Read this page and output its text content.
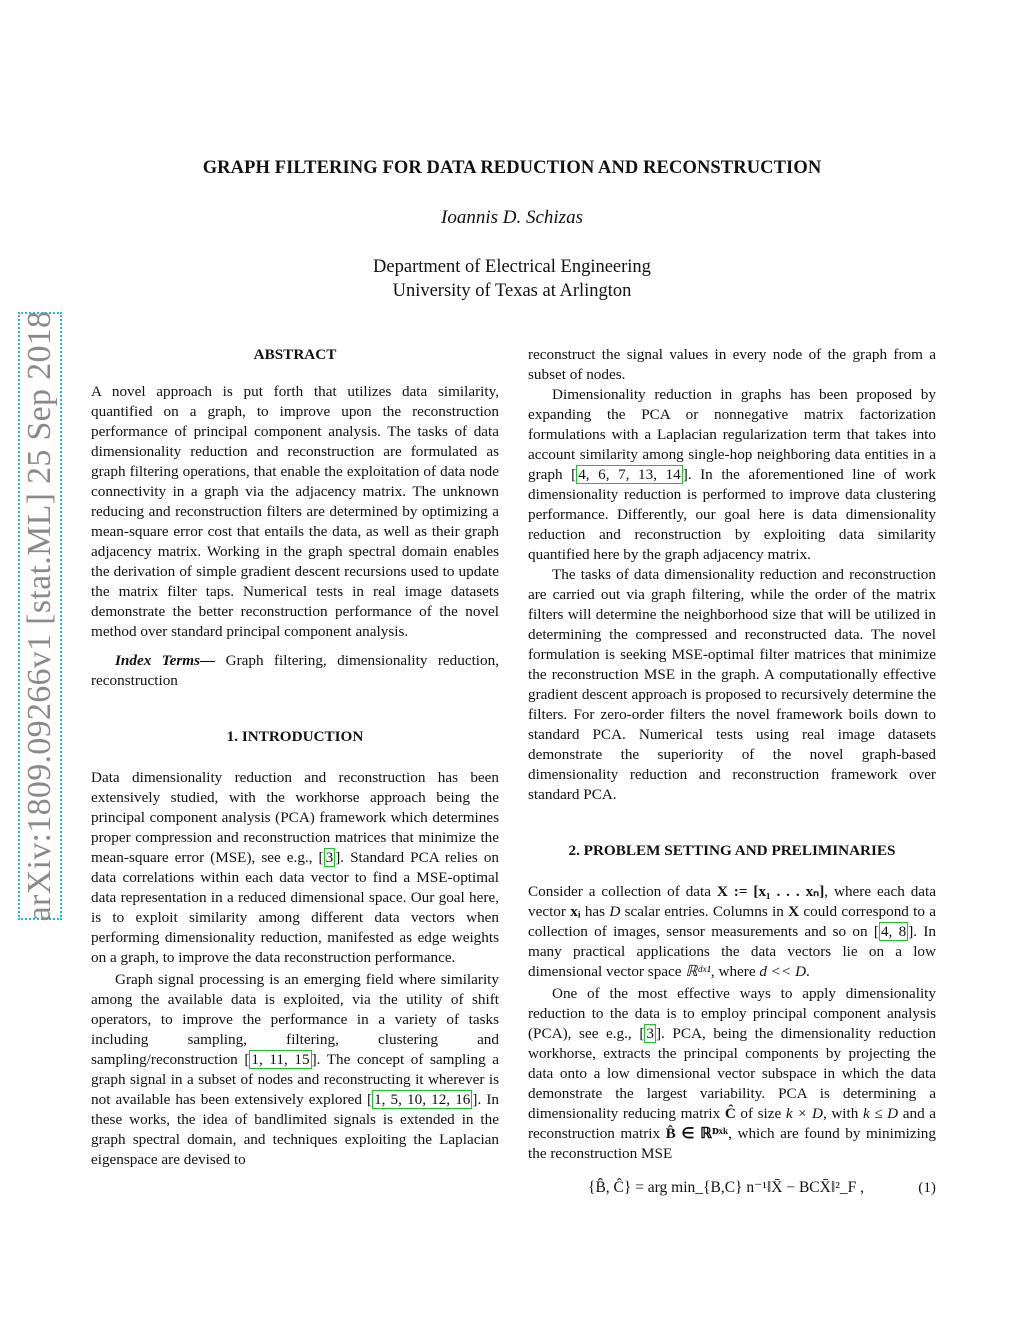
GRAPH FILTERING FOR DATA REDUCTION AND RECONSTRUCTION
Ioannis D. Schizas
Department of Electrical Engineering
University of Texas at Arlington
arXiv:1809.09266v1 [stat.ML] 25 Sep 2018	ABSTRACT

A novel approach is put forth that utilizes data similarity, quantified on a graph, to improve upon the reconstruction performance of principal component analysis. The tasks of data dimensionality reduction and reconstruction are formulated as graph filtering operations, that enable the exploitation of data node connectivity in a graph via the adjacency matrix. The unknown reducing and reconstruction filters are determined by optimizing a mean-square error cost that entails the data, as well as their graph adjacency matrix. Working in the graph spectral domain enables the derivation of simple gradient descent recursions used to update the matrix filter taps. Numerical tests in real image datasets demonstrate the better reconstruction performance of the novel method over standard principal component analysis.

Index Terms— Graph filtering, dimensionality reduction, reconstruction

1. INTRODUCTION

Data dimensionality reduction and reconstruction has been extensively studied, with the workhorse approach being the principal component analysis (PCA) framework which determines proper compression and reconstruction matrices that minimize the mean-square error (MSE), see e.g., [ 3 ]. Standard PCA relies on data correlations within each data vector to find a MSE-optimal data representation in a reduced dimensional space. Our goal here, is to exploit similarity among different data vectors when performing dimensionality reduction, manifested as edge weights on a graph, to improve the data reconstruction performance.

Graph signal processing is an emerging field where similarity among the available data is exploited, via the utility of shift operators, to improve the performance in a variety of tasks including sampling, filtering, clustering and sampling/reconstruction [ 1, 11, 15 ]. The concept of sampling a graph signal in a subset of nodes and reconstructing it wherever is not available has been extensively explored [ 1, 5, 10, 12, 16 ]. In these works, the idea of bandlimited signals is extended in the graph spectral domain, and techniques exploiting the Laplacian eigenspace are devised to

reconstruct the signal values in every node of the graph from a subset of nodes.

Dimensionality reduction in graphs has been proposed by expanding the PCA or nonnegative matrix factorization formulations with a Laplacian regularization term that takes into account similarity among single-hop neighboring data entities in a graph [ 4, 6, 7, 13, 14 ]. In the aforementioned line of work dimensionality reduction is performed to improve data clustering performance. Differently, our goal here is data dimensionality reduction and reconstruction by exploiting data similarity quantified here by the graph adjacency matrix.

The tasks of data dimensionality reduction and reconstruction are carried out via graph filtering, while the order of the matrix filters will determine the neighborhood size that will be utilized in determining the compressed and reconstructed data. The novel formulation is seeking MSE-optimal filter matrices that minimize the reconstruction MSE in the graph. A computationally effective gradient descent approach is proposed to recursively determine the filters. For zero-order filters the novel framework boils down to standard PCA. Numerical tests using real image datasets demonstrate the superiority of the novel graph-based dimensionality reduction and reconstruction framework over standard PCA.

2. PROBLEM SETTING AND PRELIMINARIES

Consider a collection of data X := [x₁ . . . xₙ], where each data vector xᵢ has D scalar entries. Columns in X could correspond to a collection of images, sensor measurements and so on [ 4, 8 ]. In many practical applications the data vectors lie on a low dimensional vector space ℝᵈˣ¹, where d << D.

One of the most effective ways to apply dimensionality reduction to the data is to employ principal component analysis (PCA), see e.g., [ 3 ]. PCA, being the dimensionality reduction workhorse, extracts the principal components by projecting the data onto a low dimensional vector subspace in which the data demonstrate the largest variability. PCA is determining a dimensionality reducing matrix Ĉ of size k × D, with k ≤ D and a reconstruction matrix B̂ ∈ ℝᴰˣᵏ, which are found by minimizing the reconstruction MSE

{B̂, Ĉ} = arg min_{B,C} n⁻¹‖X̄ − BCX̄‖²_F ,	(1)
